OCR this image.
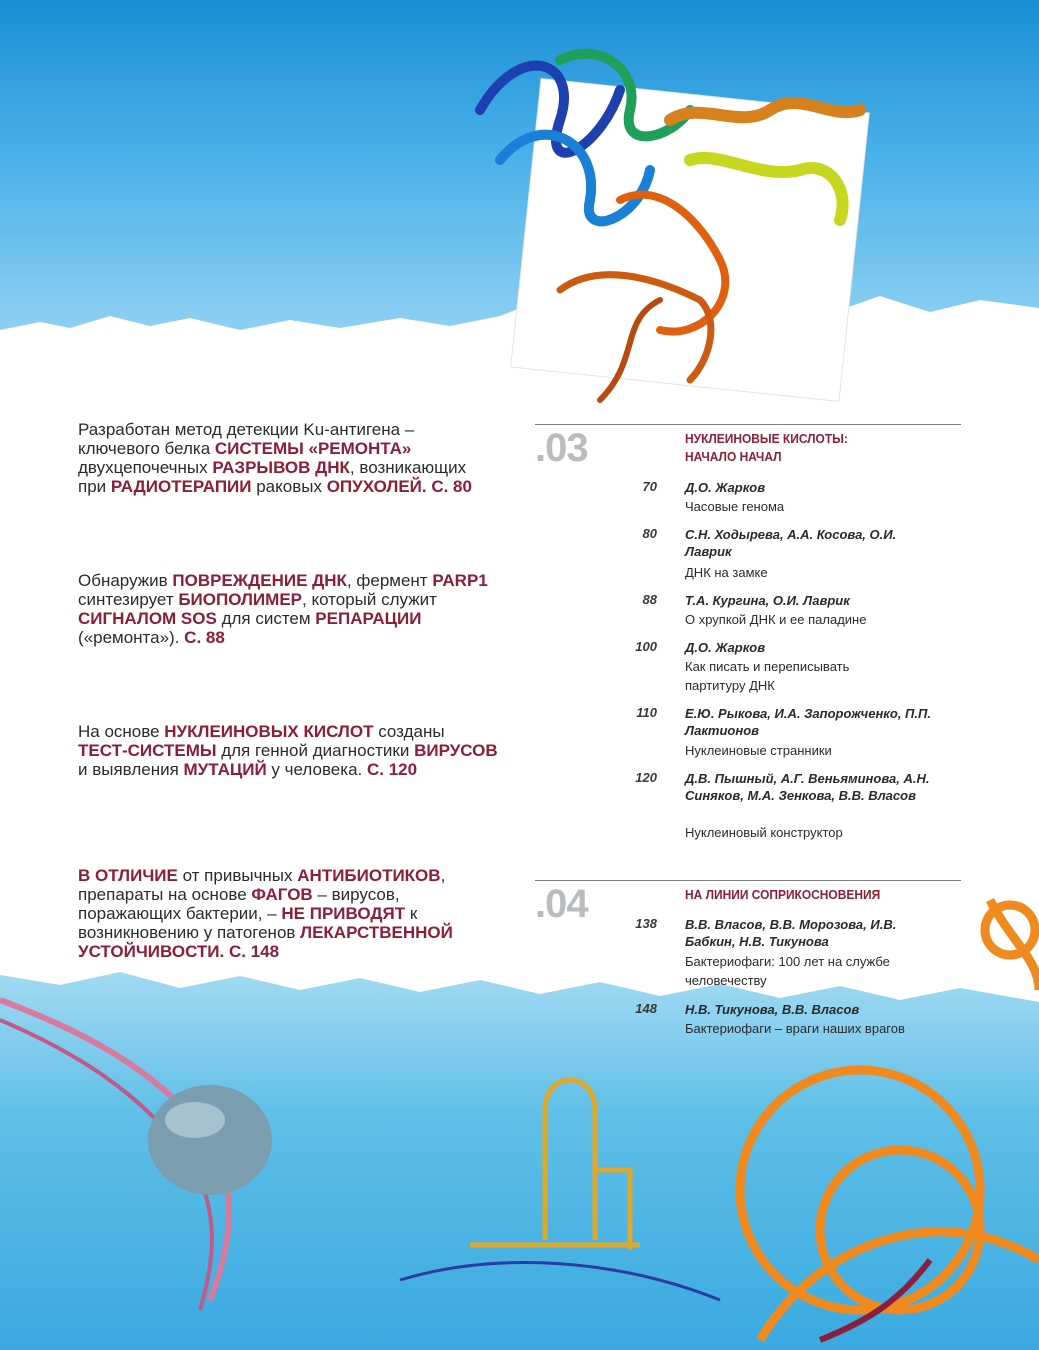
Разработан метод детекции Ku-антигена – ключевого белка СИСТЕМЫ «РЕМОНТА» двухцепочечных РАЗРЫВОВ ДНК, возникающих при РАДИОТЕРАПИИ раковых ОПУХОЛЕЙ. С. 80
Обнаружив ПОВРЕЖДЕНИЕ ДНК, фермент PARP1 синтезирует БИОПОЛИМЕР, который служит СИГНАЛОМ SOS для систем РЕПАРАЦИИ («ремонта»). С. 88
На основе НУКЛЕИНОВЫХ КИСЛОТ созданы ТЕСТ-СИСТЕМЫ для генной диагностики ВИРУСОВ и выявления МУТАЦИЙ у человека. С. 120
В ОТЛИЧИЕ от привычных АНТИБИОТИКОВ, препараты на основе ФАГОВ – вирусов, поражающих бактерии, – НЕ ПРИВОДЯТ к возникновению у патогенов ЛЕКАРСТВЕННОЙ УСТОЙЧИВОСТИ. С. 148
.03	НУКЛЕИНОВЫЕ КИСЛОТЫ:
НАЧАЛО НАЧАЛ
70 Д.О. Жарков
Часовые генома
80 С.Н. Ходырева, А.А. Косова, О.И. Лаврик
ДНК на замке
88 Т.А. Кургина, О.И. Лаврик
О хрупкой ДНК и ее паладине
100 Д.О. Жарков
Как писать и переписывать партитуру ДНК
110 Е.Ю. Рыкова, И.А. Запорожченко, П.П. Лактионов
Нуклеиновые странники
120 Д.В. Пышный, А.Г. Веньяминова, А.Н. Синяков, М.А. Зенкова, В.В. Власов
Нуклеиновый конструктор
.04	НА ЛИНИИ СОПРИКОСНОВЕНИЯ
138 В.В. Власов, В.В. Морозова, И.В. Бабкин, Н.В. Тикунова
Бактериофаги: 100 лет на службе человечеству
148 Н.В. Тикунова, В.В. Власов
Бактериофаги – враги наших врагов
